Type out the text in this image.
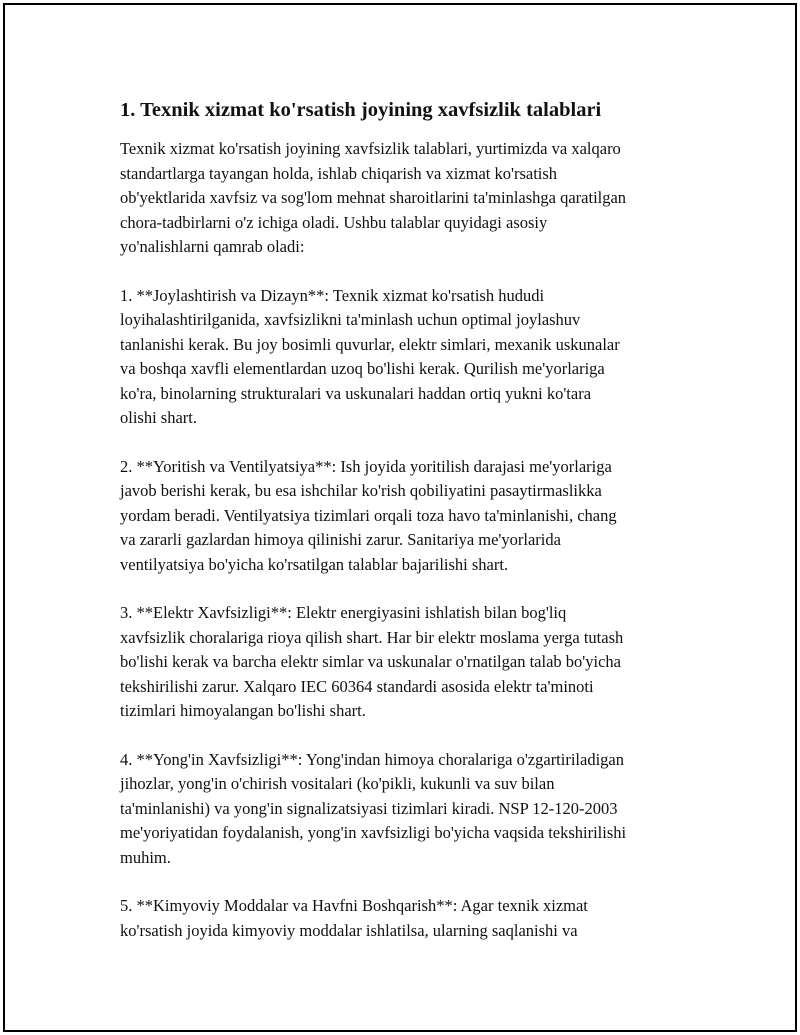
1. Texnik xizmat ko'rsatish joyining xavfsizlik talablari

Texnik xizmat ko'rsatish joyining xavfsizlik talablari, yurtimizda va xalqaro
standartlarga tayangan holda, ishlab chiqarish va xizmat ko'rsatish
ob'yektlarida xavfsiz va sog'lom mehnat sharoitlarini ta'minlashga qaratilgan
chora-tadbirlarni o'z ichiga oladi. Ushbu talablar quyidagi asosiy
yo'nalishlarni qamrab oladi:

1. **Joylashtirish va Dizayn**: Texnik xizmat ko'rsatish hududi
loyihalashtirilganida, xavfsizlikni ta'minlash uchun optimal joylashuv
tanlanishi kerak. Bu joy bosimli quvurlar, elektr simlari, mexanik uskunalar
va boshqa xavfli elementlardan uzoq bo'lishi kerak. Qurilish me'yorlariga
ko'ra, binolarning strukturalari va uskunalari haddan ortiq yukni ko'tara
olishi shart.

2. **Yoritish va Ventilyatsiya**: Ish joyida yoritilish darajasi me'yorlariga
javob berishi kerak, bu esa ishchilar ko'rish qobiliyatini pasaytirmaslikka
yordam beradi. Ventilyatsiya tizimlari orqali toza havo ta'minlanishi, chang
va zararli gazlardan himoya qilinishi zarur. Sanitariya me'yorlarida
ventilyatsiya bo'yicha ko'rsatilgan talablar bajarilishi shart.

3. **Elektr Xavfsizligi**: Elektr energiyasini ishlatish bilan bog'liq
xavfsizlik choralariga rioya qilish shart. Har bir elektr moslama yerga tutash
bo'lishi kerak va barcha elektr simlar va uskunalar o'rnatilgan talab bo'yicha
tekshirilishi zarur. Xalqaro IEC 60364 standardi asosida elektr ta'minoti
tizimlari himoyalangan bo'lishi shart.

4. **Yong'in Xavfsizligi**: Yong'indan himoya choralariga o'zgartiriladigan
jihozlar, yong'in o'chirish vositalari (ko'pikli, kukunli va suv bilan
ta'minlanishi) va yong'in signalizatsiyasi tizimlari kiradi. NSP 12-120-2003
me'yoriyatidan foydalanish, yong'in xavfsizligi bo'yicha vaqsida tekshirilishi
muhim.

5. **Kimyoviy Moddalar va Havfni Boshqarish**: Agar texnik xizmat
ko'rsatish joyida kimyoviy moddalar ishlatilsa, ularning saqlanishi va
